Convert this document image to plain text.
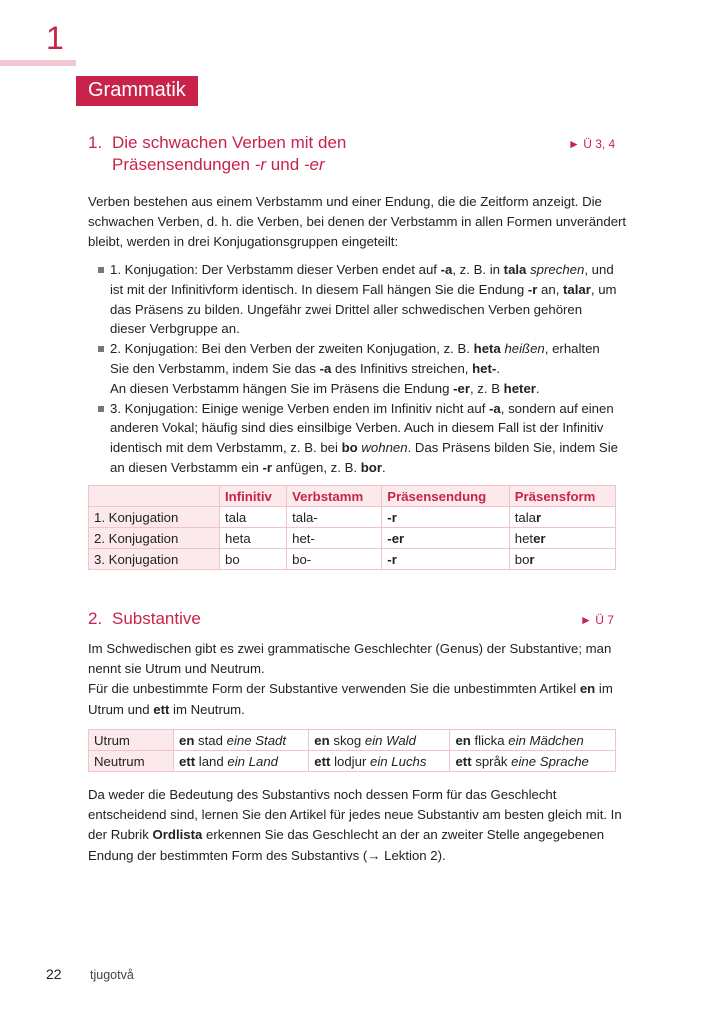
1
Grammatik
1. Die schwachen Verben mit den
Präsensendungen -r und -er
► Ü 3, 4

Verben bestehen aus einem Verbstamm und einer Endung, die die Zeitform anzeigt. Die schwachen Verben, d. h. die Verben, bei denen der Verbstamm in allen Formen unverändert bleibt, werden in drei Konjugationsgruppen eingeteilt:

1. Konjugation: Der Verbstamm dieser Verben endet auf -a, z. B. in tala sprechen, und ist mit der Infinitivform identisch. In diesem Fall hängen Sie die Endung -r an, talar, um das Präsens zu bilden. Ungefähr zwei Drittel aller schwedischen Verben gehören dieser Verbgruppe an.
2. Konjugation: Bei den Verben der zweiten Konjugation, z. B. heta heißen, erhalten Sie den Verbstamm, indem Sie das -a des Infinitivs streichen, het-.
An diesen Verbstamm hängen Sie im Präsens die Endung -er, z. B heter.
3. Konjugation: Einige wenige Verben enden im Infinitiv nicht auf -a, sondern auf einen anderen Vokal; häufig sind dies einsilbige Verben. Auch in diesem Fall ist der Infinitiv identisch mit dem Verbstamm, z. B. bei bo wohnen. Das Präsens bilden Sie, indem Sie an diesen Verbstamm ein -r anfügen, z. B. bor.
	Infinitiv	Verbstamm	Präsensendung	Präsensform
1. Konjugation	tala	tala-	-r	talar
2. Konjugation	heta	het-	-er	heter
3. Konjugation	bo	bo-	-r	bor
2. Substantive	► Ü 7

Im Schwedischen gibt es zwei grammatische Geschlechter (Genus) der Substantive; man nennt sie Utrum und Neutrum.

Für die unbestimmte Form der Substantive verwenden Sie die unbestimmten Artikel en im Utrum und ett im Neutrum.

Utrum	en stad eine Stadt	en skog ein Wald	en flicka ein Mädchen
Neutrum	ett land ein Land	ett lodjur ein Luchs	ett språk eine Sprache

Da weder die Bedeutung des Substantivs noch dessen Form für das Geschlecht entscheidend sind, lernen Sie den Artikel für jedes neue Substantiv am besten gleich mit. In der Rubrik Ordlista erkennen Sie das Geschlecht an der an zweiter Stelle angegebenen Endung der bestimmten Form des Substantivs (→ Lektion 2).

22 tjugotvå
